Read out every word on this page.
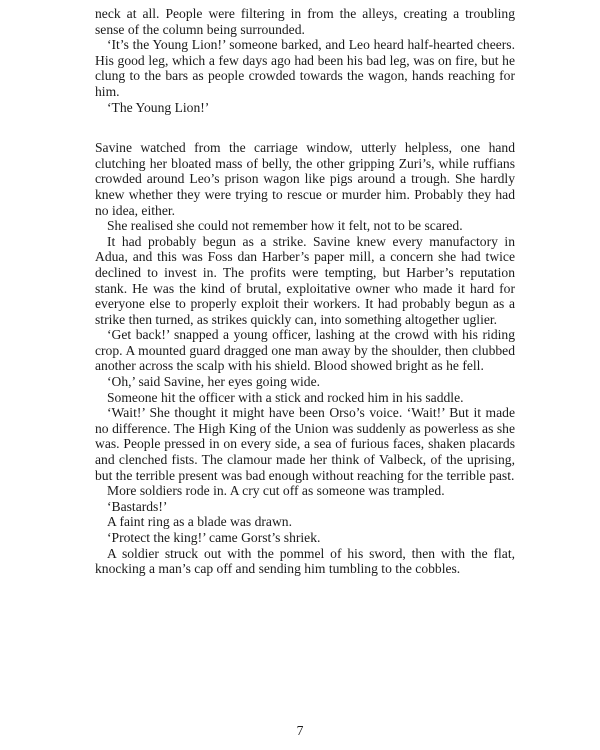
neck at all. People were filtering in from the alleys, creating a troubling sense of the column being surrounded.

‘It’s the Young Lion!’ someone barked, and Leo heard half-hearted cheers. His good leg, which a few days ago had been his bad leg, was on fire, but he clung to the bars as people crowded towards the wagon, hands reaching for him.

‘The Young Lion!’

Savine watched from the carriage window, utterly helpless, one hand clutching her bloated mass of belly, the other gripping Zuri’s, while ruffians crowded around Leo’s prison wagon like pigs around a trough. She hardly knew whether they were trying to rescue or murder him. Probably they had no idea, either.

She realised she could not remember how it felt, not to be scared.

It had probably begun as a strike. Savine knew every manufactory in Adua, and this was Foss dan Harber’s paper mill, a concern she had twice declined to invest in. The profits were tempting, but Harber’s reputation stank. He was the kind of brutal, exploitative owner who made it hard for everyone else to properly exploit their workers. It had probably begun as a strike then turned, as strikes quickly can, into something altogether uglier.

‘Get back!’ snapped a young officer, lashing at the crowd with his riding crop. A mounted guard dragged one man away by the shoulder, then clubbed another across the scalp with his shield. Blood showed bright as he fell.

‘Oh,’ said Savine, her eyes going wide.

Someone hit the officer with a stick and rocked him in his saddle.

‘Wait!’ She thought it might have been Orso’s voice. ‘Wait!’ But it made no difference. The High King of the Union was suddenly as powerless as she was. People pressed in on every side, a sea of furious faces, shaken placards and clenched fists. The clamour made her think of Valbeck, of the uprising, but the terrible present was bad enough without reaching for the terrible past.

More soldiers rode in. A cry cut off as someone was trampled.

‘Bastards!’

A faint ring as a blade was drawn.

‘Protect the king!’ came Gorst’s shriek.

A soldier struck out with the pommel of his sword, then with the flat, knocking a man’s cap off and sending him tumbling to the cobbles.

7
